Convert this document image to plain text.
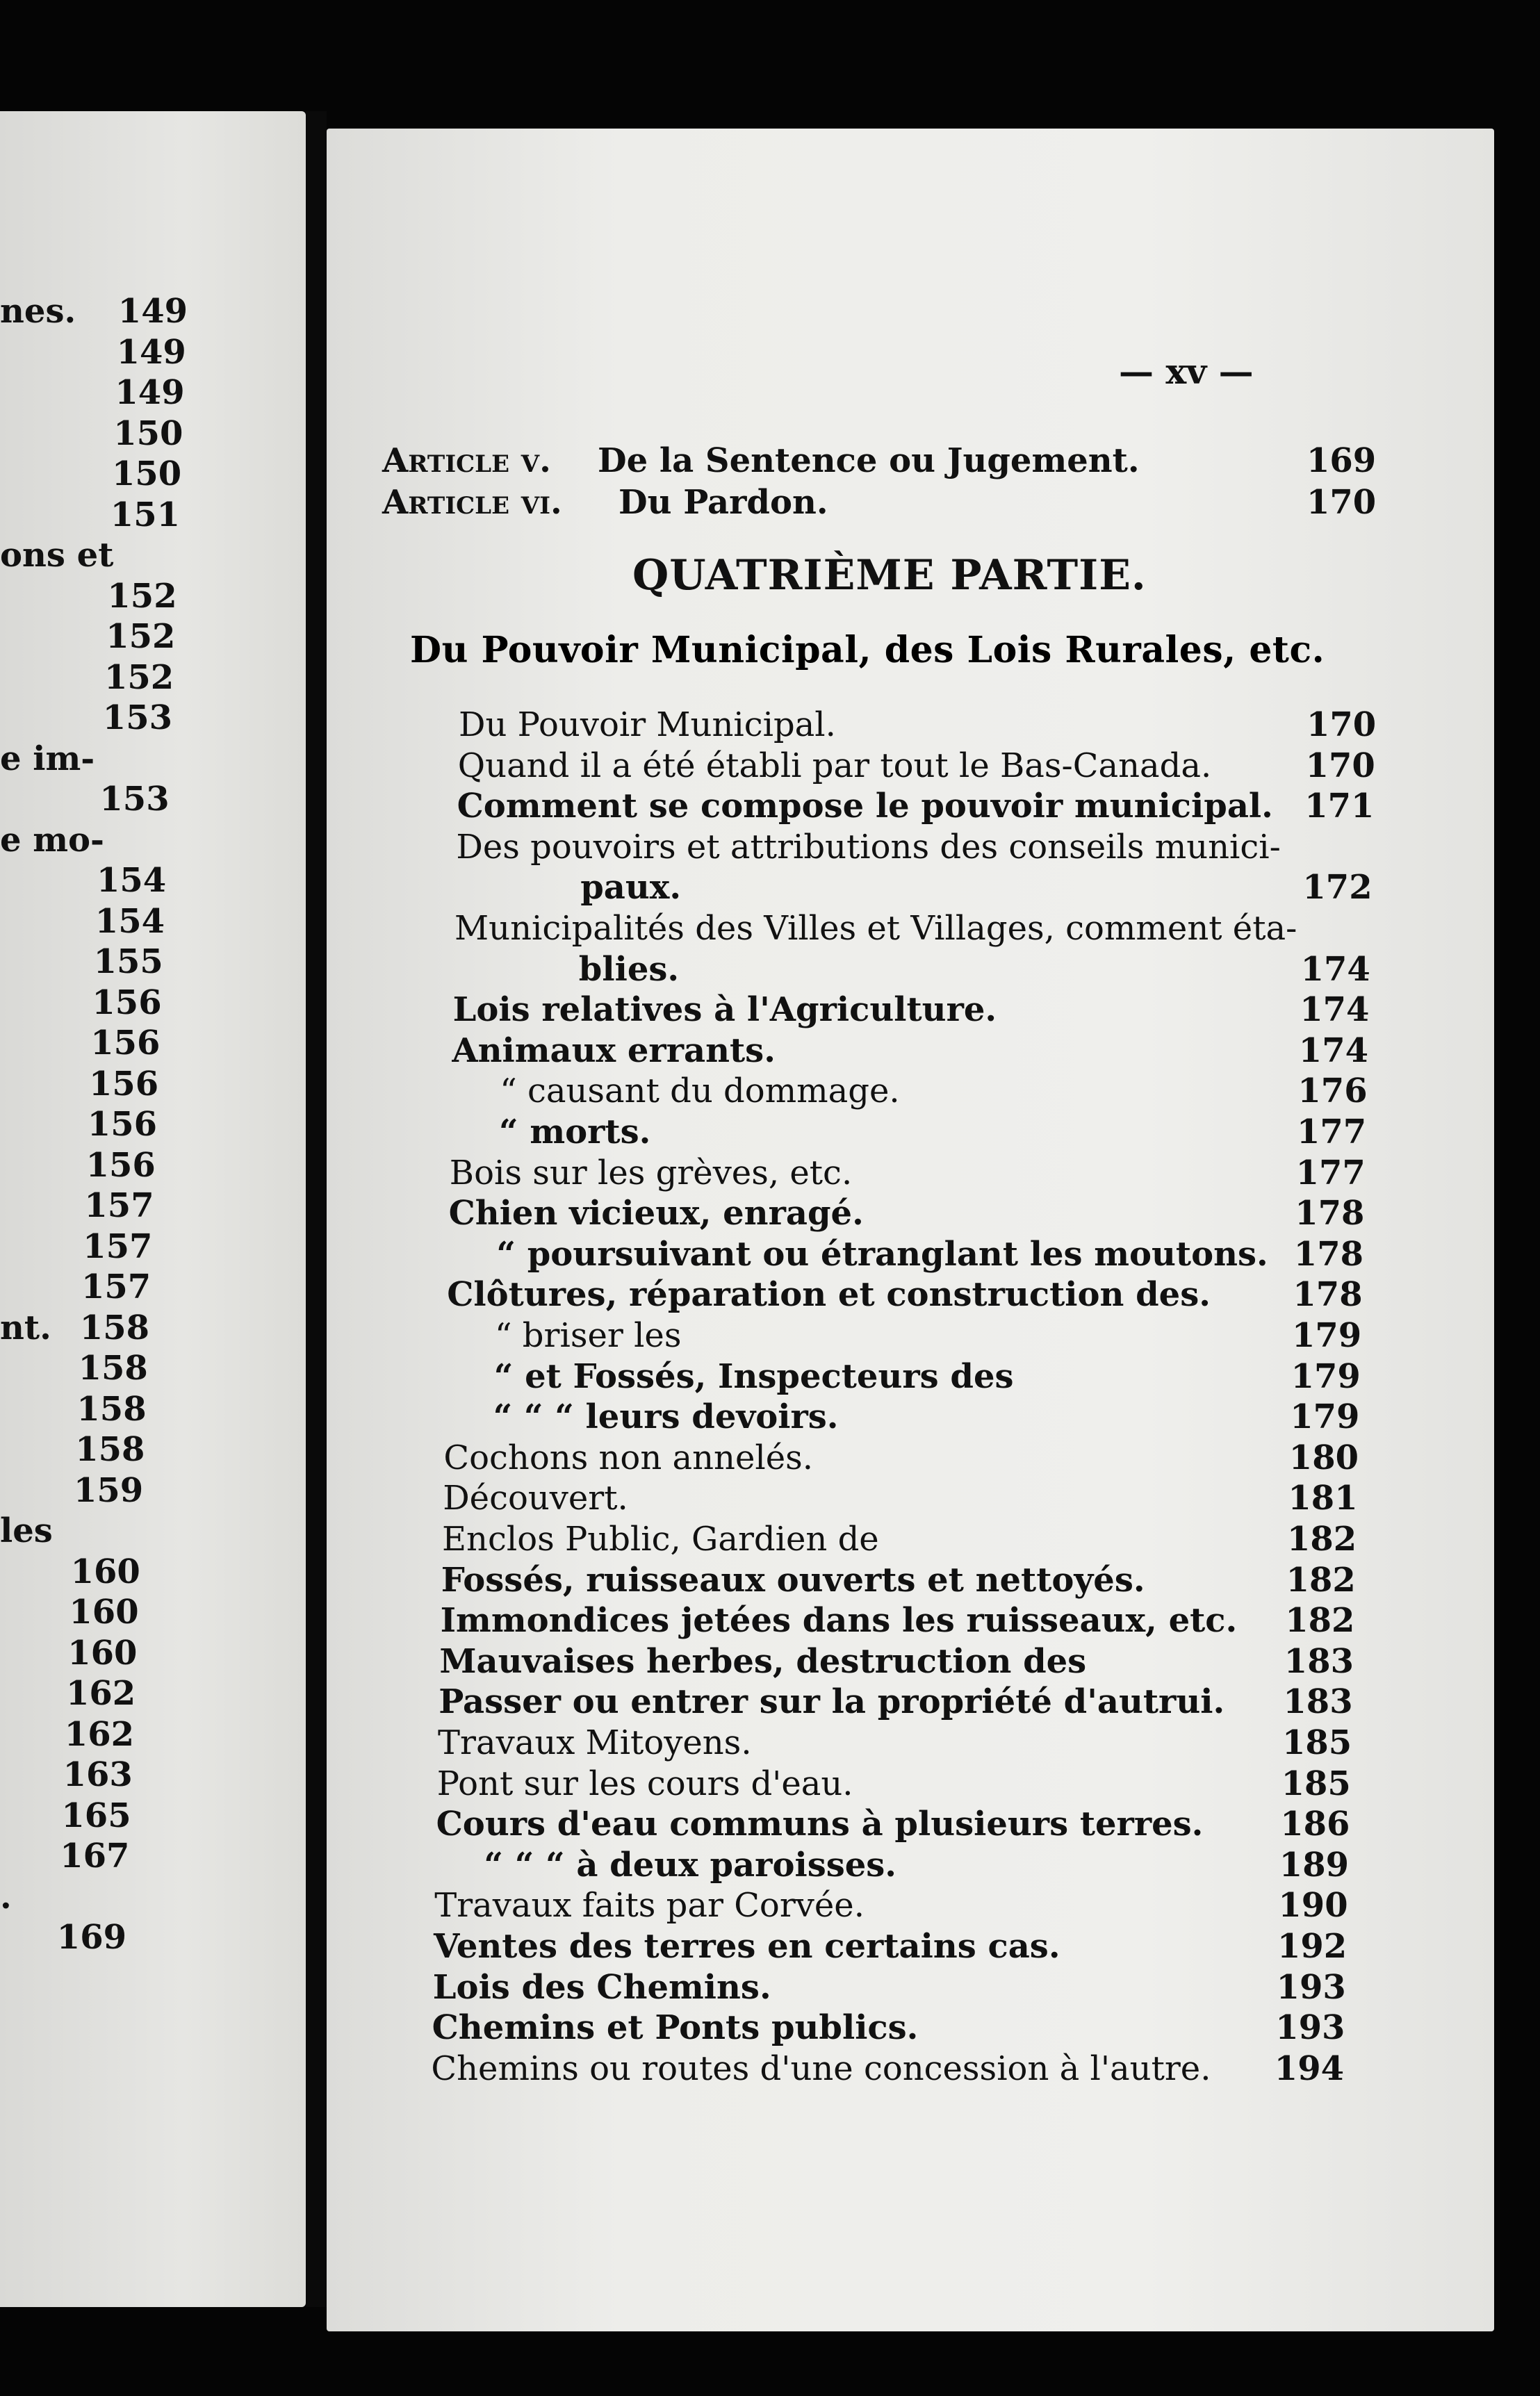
nes. 149
149
149
150
150
151
ons et
152
152
152
153
e im-
153
e mo-
154
154
155
156
156
156
156
156
157
157
157
nt. 158
158
158
158
159
les
160
160
160
162
162
163
165
167
.
169
— xv —
Article v. De la Sentence ou Jugement.	169
Article vi. Du Pardon.	170
QUATRIÈME PARTIE.
Du Pouvoir Municipal, des Lois Rurales, etc.
Du Pouvoir Municipal.	170
Quand il a été établi par tout le Bas-Canada.	170
Comment se compose le pouvoir municipal. 171
Des pouvoirs et attributions des conseils munici-
paux.	172
Municipalités des Villes et Villages, comment éta-
blies.	174
Lois relatives à l'Agriculture.	174
Animaux errants.	174
“ causant du dommage.	176
“ morts.	177
Bois sur les grèves, etc.	177
Chien vicieux, enragé.	178
“ poursuivant ou étranglant les moutons. 178
Clôtures, réparation et construction des. 178
“ briser les	179
“ et Fossés, Inspecteurs des	179
“ “ “ leurs devoirs.	179
Cochons non annelés.	180
Découvert.	181
Enclos Public, Gardien de	182
Fossés, ruisseaux ouverts et nettoyés.	182
Immondices jetées dans les ruisseaux, etc. 182
Mauvaises herbes, destruction des	183
Passer ou entrer sur la propriété d'autrui. 183
Travaux Mitoyens.	185
Pont sur les cours d'eau.	185
Cours d'eau communs à plusieurs terres. 186
“ “ “ à deux paroisses.	189
Travaux faits par Corvée.	190
Ventes des terres en certains cas.	192
Lois des Chemins.	193
Chemins et Ponts publics.	193
Chemins ou routes d'une concession à l'autre. 194
